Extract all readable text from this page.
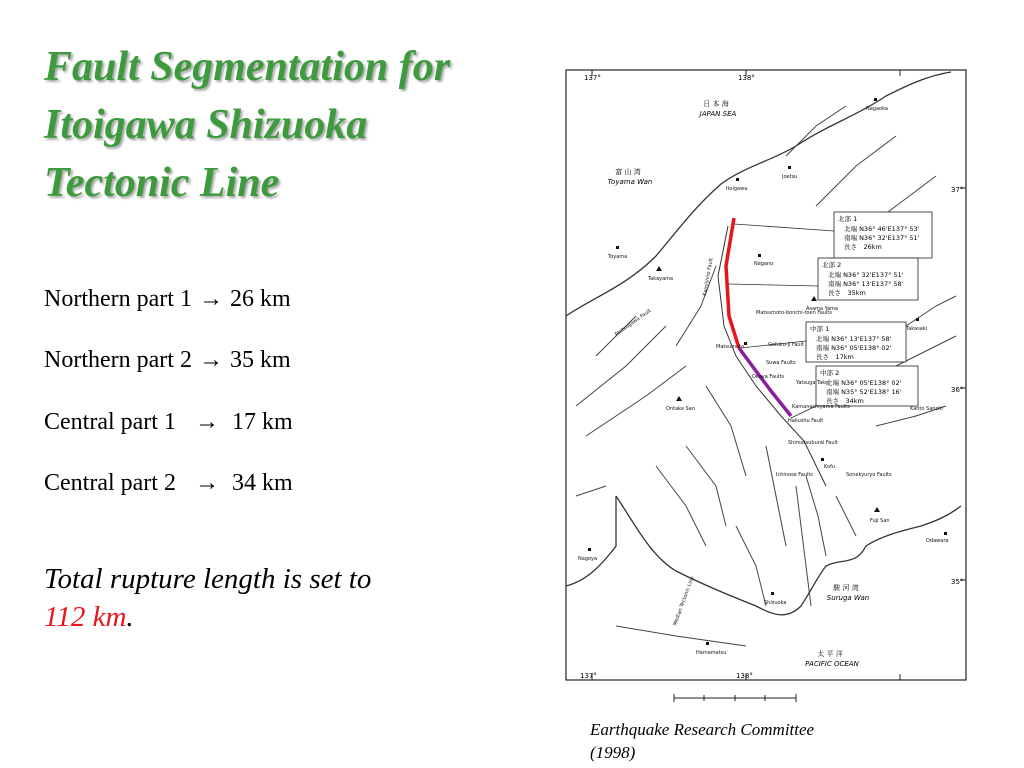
Fault Segmentation for
Itoigawa Shizuoka
Tectonic Line
Northern part 1 → 26 km
Northern part 2 → 35 km
Central part 1 → 17 km
Central part 2 → 34 km
Total rupture length is set to
112 km.
137°	138°
137°	138°
37°
36°
35°
北部 1
北端 N36° 46'E137° 53'
南端 N36° 32'E137° 51'
長さ　26km
北部 2
北端 N36° 32'E137° 51'
南端 N36° 13'E137° 58'
長さ　35km
中部 1
北端 N36° 13'E137° 58'
南端 N36° 05'E138° 02'
長さ　17km
中部 2
北端 N36° 05'E138° 02'
南端 N35° 52'E138° 16'
長さ　34km
日 本 海
JAPAN SEA
富 山 湾
Toyama Wan
駿 河 湾
Suruga Wan
太 平 洋
PACIFIC OCEAN
Itoigawa
Joetsu
Nagaoka
Toyama
Takayama
Nagano
Matsumoto
Asama Yama
Takasaki
Ontake San
Kofu
Fuji San
Odawara
Nagoya
Shizuoka
Hamamatsu
Kamishiro Fault
Matsumoto-bonchi-toen Faults
Gofuku-ji Fault
Suwa Faults
Okaya Faults
Yatsuga Take
Kamanashiyama Faults
Hakushu Fault
Shimotsuburai Fault
Ichinose Faults	Sonekyuryo Faults
Median Tectonic Line
Atotsugawa Fault
Kanto Sanchi
Earthquake Research Committee
(1998)
